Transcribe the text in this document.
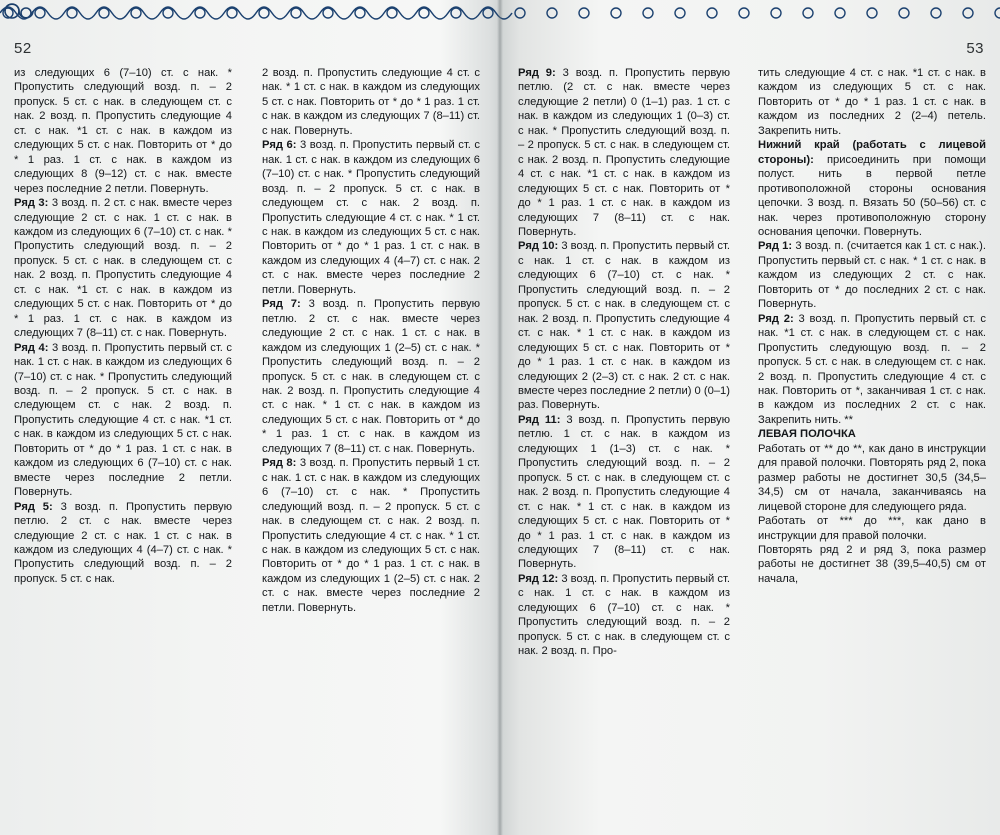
52	53

из следующих 6 (7–10) ст. с нак. * Пропустить следующий возд. п. – 2 пропуск. 5 ст. с нак. в следующем ст. с нак. 2 возд. п. Пропустить следующие 4 ст. с нак. *1 ст. с нак. в каждом из следующих 5 ст. с нак. Повторить от * до * 1 раз. 1 ст. с нак. в каждом из следующих 8 (9–12) ст. с нак. вместе через последние 2 петли. Повернуть.

Ряд 3: 3 возд. п. 2 ст. с нак. вместе через следующие 2 ст. с нак. 1 ст. с нак. в каждом из следующих 6 (7–10) ст. с нак. * Пропустить следующий возд. п. – 2 пропуск. 5 ст. с нак. в следующем ст. с нак. 2 возд. п. Пропустить следующие 4 ст. с нак. *1 ст. с нак. в каждом из следующих 5 ст. с нак. Повторить от * до * 1 раз. 1 ст. с нак. в каждом из следующих 7 (8–11) ст. с нак. Повернуть.

Ряд 4: 3 возд. п. Пропустить первый ст. с нак. 1 ст. с нак. в каждом из следующих 6 (7–10) ст. с нак. * Пропустить следующий возд. п. – 2 пропуск. 5 ст. с нак. в следующем ст. с нак. 2 возд. п. Пропустить следующие 4 ст. с нак. *1 ст. с нак. в каждом из следующих 5 ст. с нак. Повторить от * до * 1 раз. 1 ст. с нак. в каждом из следующих 6 (7–10) ст. с нак. вместе через последние 2 петли. Повернуть.

Ряд 5: 3 возд. п. Пропустить первую петлю. 2 ст. с нак. вместе через следующие 2 ст. с нак. 1 ст. с нак. в каждом из следующих 4 (4–7) ст. с нак. * Пропустить следующий возд. п. – 2 пропуск. 5 ст. с нак.

2 возд. п. Пропустить следующие 4 ст. с нак. * 1 ст. с нак. в каждом из следующих 5 ст. с нак. Повторить от * до * 1 раз. 1 ст. с нак. в каждом из следующих 7 (8–11) ст. с нак. Повернуть.

Ряд 6: 3 возд. п. Пропустить первый ст. с нак. 1 ст. с нак. в каждом из следующих 6 (7–10) ст. с нак. * Пропустить следующий возд. п. – 2 пропуск. 5 ст. с нак. в следующем ст. с нак. 2 возд. п. Пропустить следующие 4 ст. с нак. * 1 ст. с нак. в каждом из следующих 5 ст. с нак. Повторить от * до * 1 раз. 1 ст. с нак. в каждом из следующих 4 (4–7) ст. с нак. 2 ст. с нак. вместе через последние 2 петли. Повернуть.

Ряд 7: 3 возд. п. Пропустить первую петлю. 2 ст. с нак. вместе через следующие 2 ст. с нак. 1 ст. с нак. в каждом из следующих 1 (2–5) ст. с нак. * Пропустить следующий возд. п. – 2 пропуск. 5 ст. с нак. в следующем ст. с нак. 2 возд. п. Пропустить следующие 4 ст. с нак. * 1 ст. с нак. в каждом из следующих 5 ст. с нак. Повторить от * до * 1 раз. 1 ст. с нак. в каждом из следующих 7 (8–11) ст. с нак. Повернуть.

Ряд 8: 3 возд. п. Пропустить первый 1 ст. с нак. 1 ст. с нак. в каждом из следующих 6 (7–10) ст. с нак. * Пропустить следующий возд. п. – 2 пропуск. 5 ст. с нак. в следующем ст. с нак. 2 возд. п. Пропустить следующие 4 ст. с нак. * 1 ст. с нак. в каждом из следующих 5 ст. с нак. Повторить от * до * 1 раз. 1 ст. с нак. в каждом из следующих 1 (2–5) ст. с нак. 2 ст. с нак. вместе через последние 2 петли. Повернуть.

Ряд 9: 3 возд. п. Пропустить первую петлю. (2 ст. с нак. вместе через следующие 2 петли) 0 (1–1) раз. 1 ст. с нак. в каждом из следующих 1 (0–3) ст. с нак. * Пропустить следующий возд. п. – 2 пропуск. 5 ст. с нак. в следующем ст. с нак. 2 возд. п. Пропустить следующие 4 ст. с нак. *1 ст. с нак. в каждом из следующих 5 ст. с нак. Повторить от * до * 1 раз. 1 ст. с нак. в каждом из следующих 7 (8–11) ст. с нак. Повернуть.

Ряд 10: 3 возд. п. Пропустить первый ст. с нак. 1 ст. с нак. в каждом из следующих 6 (7–10) ст. с нак. * Пропустить следующий возд. п. – 2 пропуск. 5 ст. с нак. в следующем ст. с нак. 2 возд. п. Пропустить следующие 4 ст. с нак. * 1 ст. с нак. в каждом из следующих 5 ст. с нак. Повторить от * до * 1 раз. 1 ст. с нак. в каждом из следующих 2 (2–3) ст. с нак. 2 ст. с нак. вместе через последние 2 петли) 0 (0–1) раз. Повернуть.

Ряд 11: 3 возд. п. Пропустить первую петлю. 1 ст. с нак. в каждом из следующих 1 (1–3) ст. с нак. * Пропустить следующий возд. п. – 2 пропуск. 5 ст. с нак. в следующем ст. с нак. 2 возд. п. Пропустить следующие 4 ст. с нак. * 1 ст. с нак. в каждом из следующих 5 ст. с нак. Повторить от * до * 1 раз. 1 ст. с нак. в каждом из следующих 7 (8–11) ст. с нак. Повернуть.

Ряд 12: 3 возд. п. Пропустить первый ст. с нак. 1 ст. с нак. в каждом из следующих 6 (7–10) ст. с нак. * Пропустить следующий возд. п. – 2 пропуск. 5 ст. с нак. в следующем ст. с нак. 2 возд. п. Про-

тить следующие 4 ст. с нак. *1 ст. с нак. в каждом из следующих 5 ст. с нак. Повторить от * до * 1 раз. 1 ст. с нак. в каждом из последних 2 (2–4) петель. Закрепить нить.

Нижний край (работать с лицевой стороны): присоединить при помощи полуст. нить в первой петле противоположной стороны основания цепочки. 3 возд. п. Вязать 50 (50–56) ст. с нак. через противоположную сторону основания цепочки. Повернуть.

Ряд 1: 3 возд. п. (считается как 1 ст. с нак.). Пропустить первый ст. с нак. * 1 ст. с нак. в каждом из следующих 2 ст. с нак. Повторить от * до последних 2 ст. с нак. Повернуть.

Ряд 2: 3 возд. п. Пропустить первый ст. с нак. *1 ст. с нак. в следующем ст. с нак. Пропустить следующую возд. п. – 2 пропуск. 5 ст. с нак. в следующем ст. с нак. 2 возд. п. Пропустить следующие 4 ст. с нак. Повторить от *, заканчивая 1 ст. с нак. в каждом из последних 2 ст. с нак. Закрепить нить. **

ЛЕВАЯ ПОЛОЧКА

Работать от ** до **, как дано в инструкции для правой полочки. Повторять ряд 2, пока размер работы не достигнет 30,5 (34,5–34,5) см от начала, заканчиваясь на лицевой стороне для следующего ряда.

Работать от *** до ***, как дано в инструкции для правой полочки.

Повторять ряд 2 и ряд 3, пока размер работы не достигнет 38 (39,5–40,5) см от начала,
